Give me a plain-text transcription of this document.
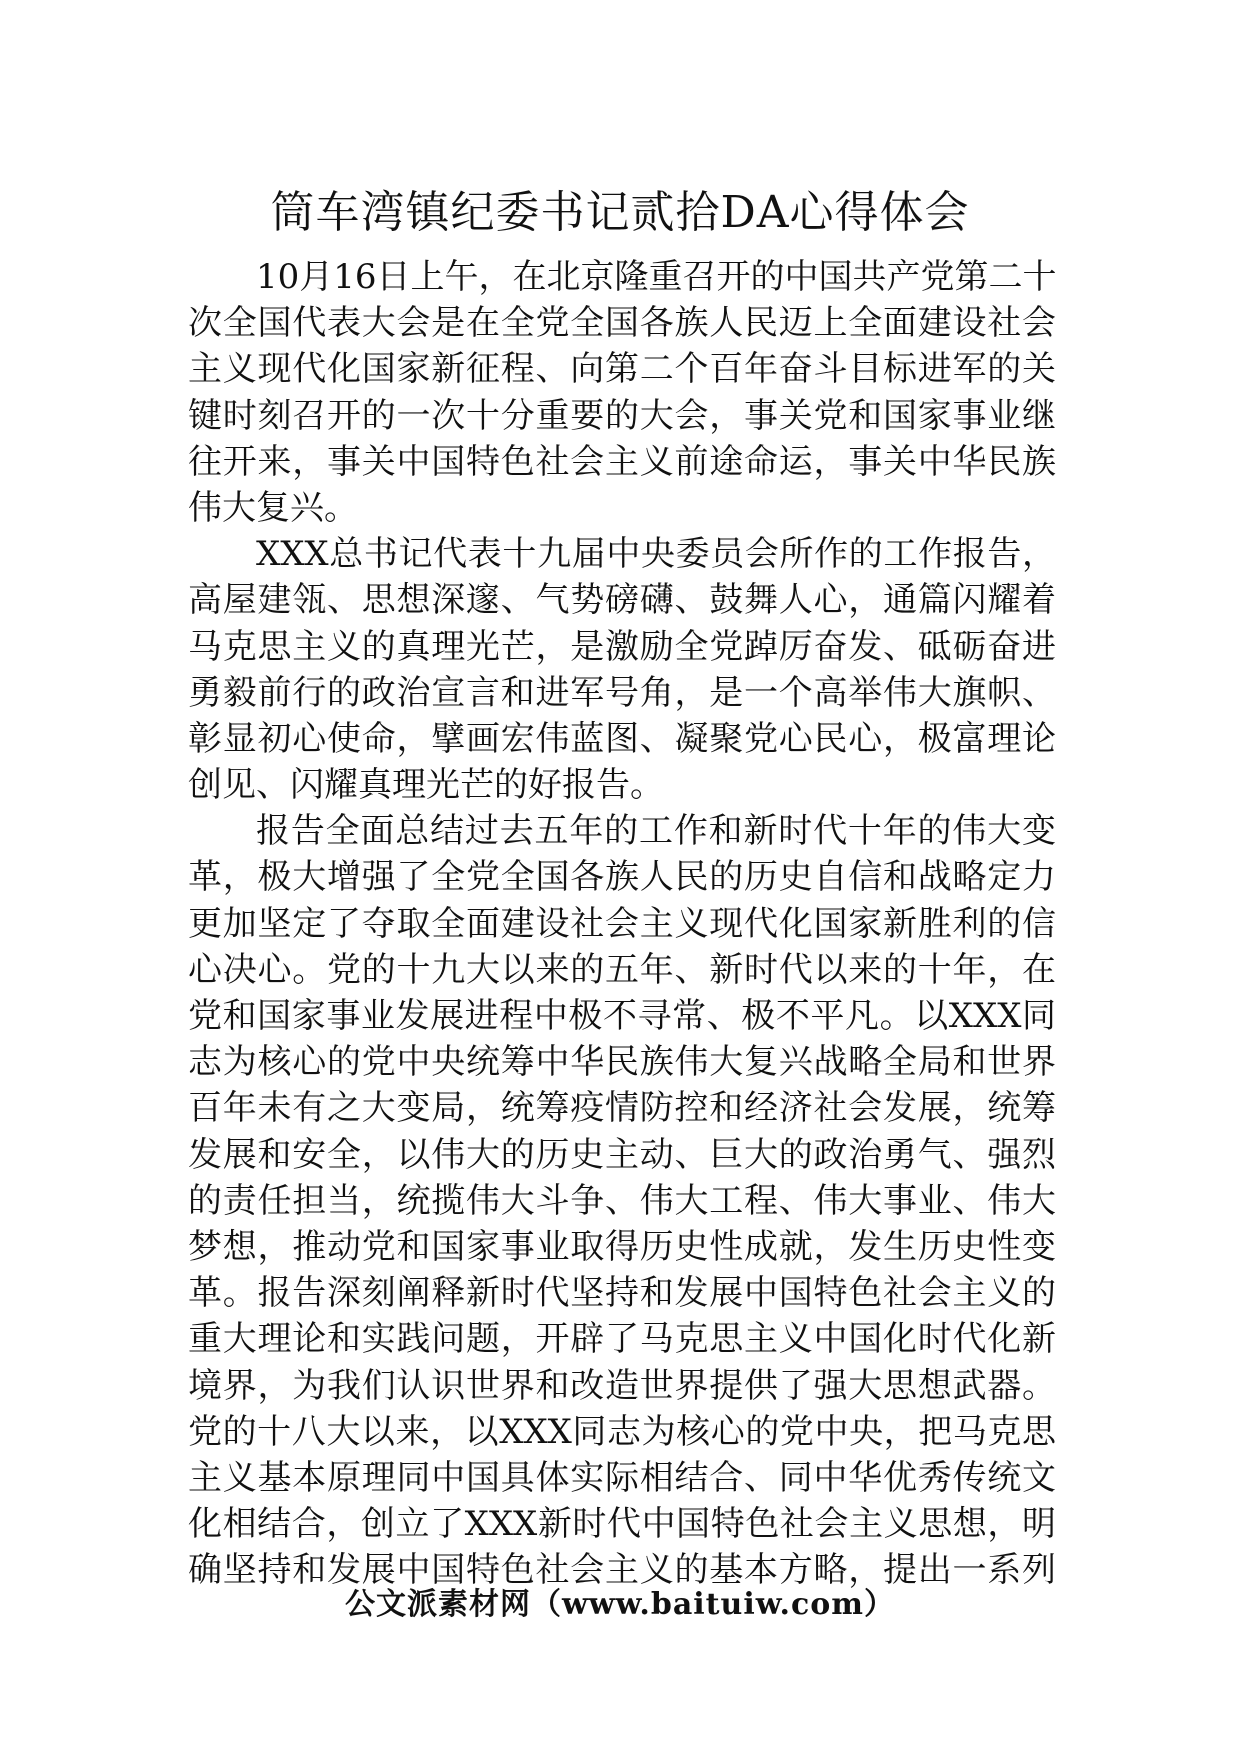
筒车湾镇纪委书记贰拾DA心得体会
10月16日上午，在北京隆重召开的中国共产党第二十
次全国代表大会是在全党全国各族人民迈上全面建设社会
主义现代化国家新征程、向第二个百年奋斗目标进军的关
键时刻召开的一次十分重要的大会，事关党和国家事业继
往开来，事关中国特色社会主义前途命运，事关中华民族
伟大复兴。
XXX总书记代表十九届中央委员会所作的工作报告，
高屋建瓴、思想深邃、气势磅礴、鼓舞人心，通篇闪耀着
马克思主义的真理光芒，是激励全党踔厉奋发、砥砺奋进
勇毅前行的政治宣言和进军号角，是一个高举伟大旗帜、
彰显初心使命，擘画宏伟蓝图、凝聚党心民心，极富理论
创见、闪耀真理光芒的好报告。
报告全面总结过去五年的工作和新时代十年的伟大变
革，极大增强了全党全国各族人民的历史自信和战略定力
更加坚定了夺取全面建设社会主义现代化国家新胜利的信
心决心。党的十九大以来的五年、新时代以来的十年，在
党和国家事业发展进程中极不寻常、极不平凡。以XXX同
志为核心的党中央统筹中华民族伟大复兴战略全局和世界
百年未有之大变局，统筹疫情防控和经济社会发展，统筹
发展和安全，以伟大的历史主动、巨大的政治勇气、强烈
的责任担当，统揽伟大斗争、伟大工程、伟大事业、伟大
梦想，推动党和国家事业取得历史性成就，发生历史性变
革。报告深刻阐释新时代坚持和发展中国特色社会主义的
重大理论和实践问题，开辟了马克思主义中国化时代化新
境界，为我们认识世界和改造世界提供了强大思想武器。
党的十八大以来，以XXX同志为核心的党中央，把马克思
主义基本原理同中国具体实际相结合、同中华优秀传统文
化相结合，创立了XXX新时代中国特色社会主义思想，明
确坚持和发展中国特色社会主义的基本方略，提出一系列
公文派素材网（www.baituiw.com）
